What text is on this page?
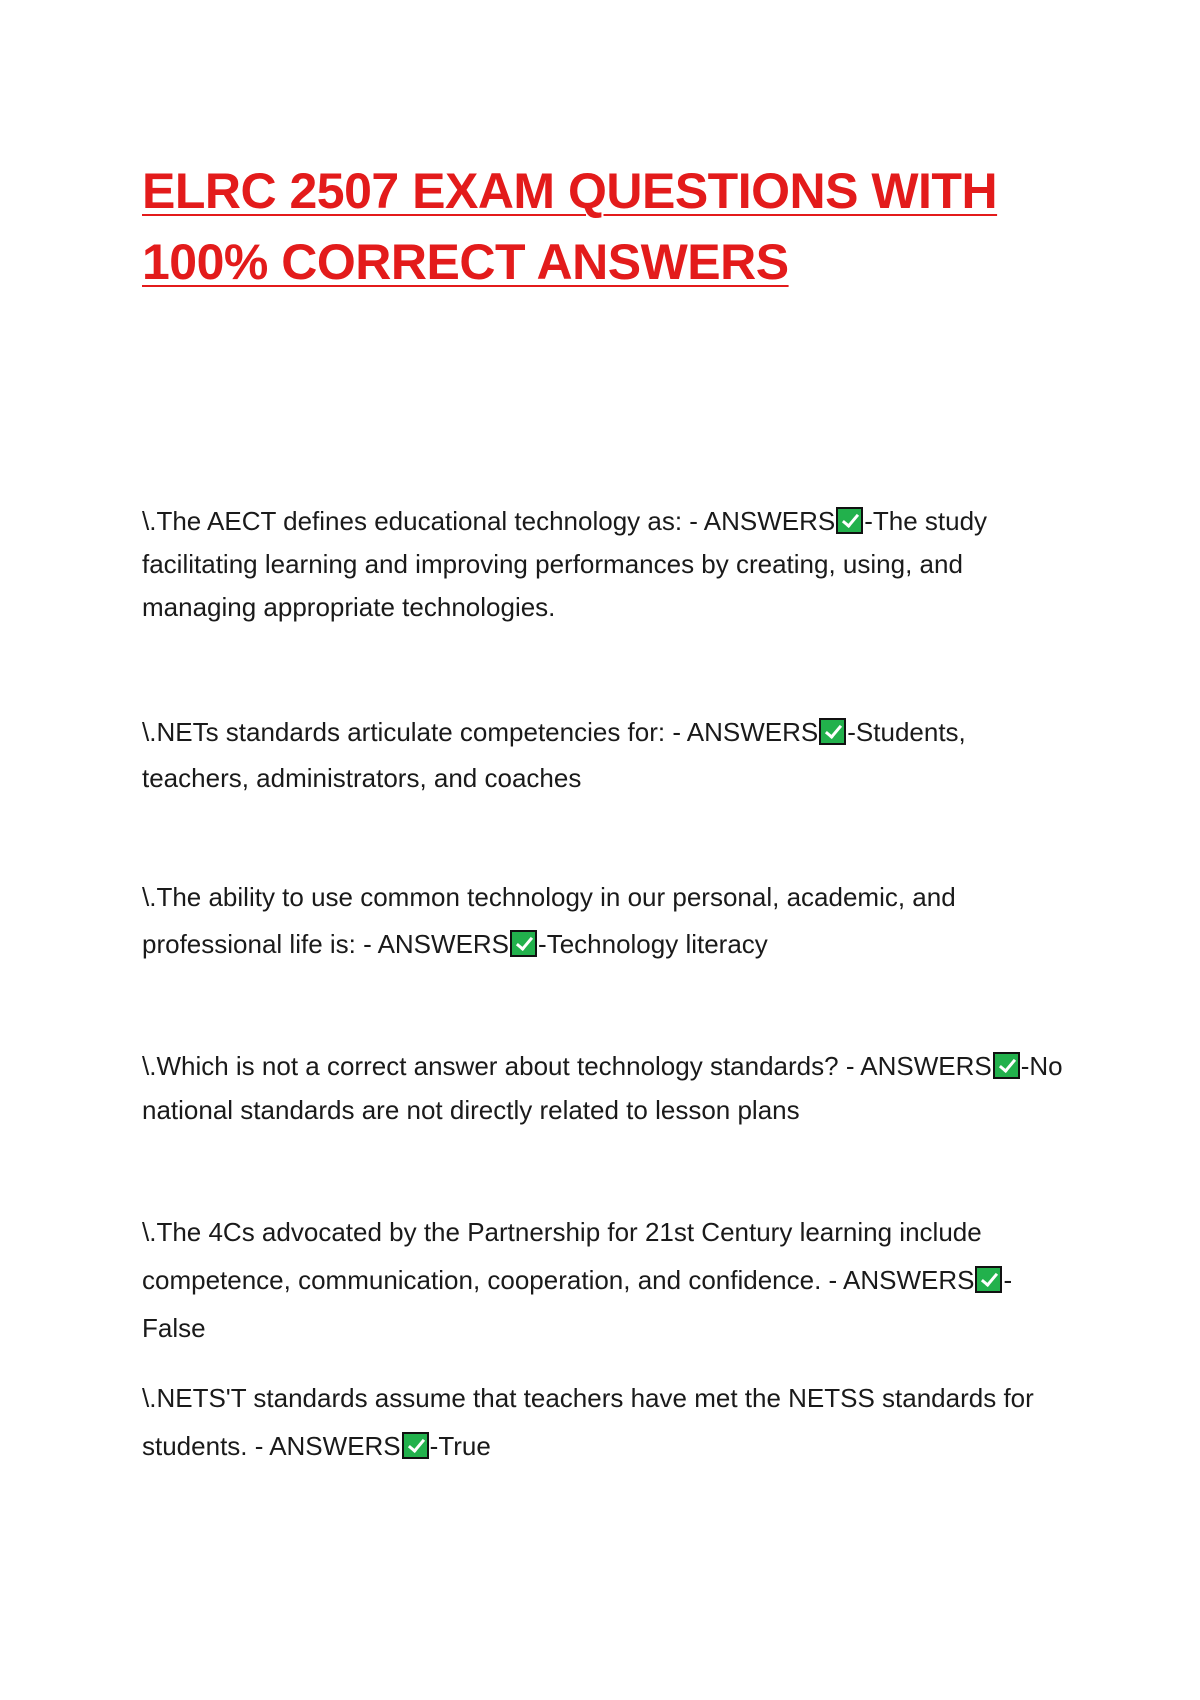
ELRC 2507 EXAM QUESTIONS WITH
100% CORRECT ANSWERS

\.The AECT defines educational technology as: - ANSWERS -The study facilitating learning and improving performances by creating, using, and managing appropriate technologies.

\.NETs standards articulate competencies for: - ANSWERS -Students, teachers, administrators, and coaches

\.The ability to use common technology in our personal, academic, and professional life is: - ANSWERS -Technology literacy

\.Which is not a correct answer about technology standards? - ANSWERS -No national standards are not directly related to lesson plans

\.The 4Cs advocated by the Partnership for 21st Century learning include competence, communication, cooperation, and confidence. - ANSWERS -False

\.NETS'T standards assume that teachers have met the NETSS standards for students. - ANSWERS -True
